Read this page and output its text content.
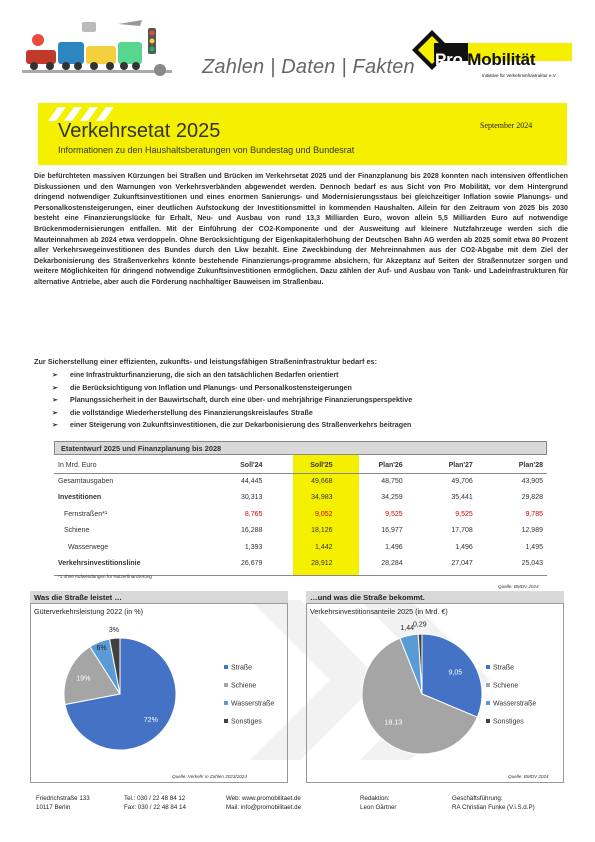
Zahlen | Daten | Fakten Pro Mobilität
Initiative für Verkehrsinfrastruktur e.V.
Verkehrsetat 2025	September 2024
Informationen zu den Haushaltsberatungen von Bundestag und Bundesrat

Die befürchteten massiven Kürzungen bei Straßen und Brücken im Verkehrsetat 2025 und der Finanzplanung bis 2028 konnten nach intensiven öffentlichen Diskussionen und den Warnungen von Verkehrsverbänden abgewendet werden. Dennoch bedarf es aus Sicht von Pro Mobilität, vor dem Hintergrund dringend notwendiger Zukunftsinvestitionen und eines enormen Sanierungs- und Modernisierungsstaus bei gleichzeitiger Inflation sowie Planungs- und Personalkostensteigerungen, einer deutlichen Aufstockung der Investitionsmittel in kommenden Haushalten. Allein für den Zeitraum von 2025 bis 2030 besteht eine Finanzierungslücke für Erhalt, Neu- und Ausbau von rund 13,3 Milliarden Euro, wovon allein 5,5 Milliarden Euro auf notwendige Brückenmodernisierungen entfallen. Mit der Einführung der CO2-Komponente und der Ausweitung auf kleinere Nutzfahrzeuge werden sich die Mauteinnahmen ab 2024 etwa verdoppeln. Ohne Berücksichtigung der Eigenkapitalerhöhung der Deutschen Bahn AG werden ab 2025 somit etwa 80 Prozent aller Verkehrswegeinvestitionen des Bundes durch den Lkw bezahlt. Eine Zweckbindung der Mehreinnahmen aus der CO2-Abgabe mit dem Ziel der Dekarbonisierung des Straßenverkehrs könnte bestehende Finanzierungs-programme absichern, für Akzeptanz auf Seiten der Straßennutzer sorgen und weitere Möglichkeiten für dringend notwendige Zukunftsinvestitionen ermöglichen. Dazu zählen der Auf- und Ausbau von Tank- und Ladeinfrastrukturen für alternative Antriebe, aber auch die Förderung nachhaltiger Bauweisen im Straßenbau.

Zur Sicherstellung einer effizienten, zukunfts- und leistungsfähigen Straßeninfrastruktur bedarf es:
➢ eine Infrastrukturfinanzierung, die sich an den tatsächlichen Bedarfen orientiert
➢ die Berücksichtigung von Inflation und Planungs- und Personalkostensteigerungen
➢ Planungssicherheit in der Bauwirtschaft, durch eine über- und mehrjährige Finanzierungsperspektive
➢ die vollständige Wiederherstellung des Finanzierungskreislaufes Straße
➢ einer Steigerung von Zukunftsinvestitionen, die zur Dekarbonisierung des Straßenverkehrs beitragen
Etatentwurf 2025 und Finanzplanung bis 2028
In Mrd. Euro	Soll'24	Soll'25	Plan'26	Plan'27	Plan'28
Gesamtausgaben	44,445	49,668	48,750	49,706	43,905
Investitionen	30,313	34,983	34,259	35,441	29,828
Fernstraßen*¹	8,765	9,052	9,525	9,525	9,785
Schiene	16,288	18,126	16,977	17,708	12,989
Wasserwege	1,393	1,442	1,496	1,496	1,495
Verkehrsinvestitionslinie	26,679	28,912	28,284	27,047	25,043
*1 ohne Aufwendungen für Nutzerfinanzierung
Quelle: BMDV 2024
Was die Straße leistet …
Güterverkehrsleistung 2022 (in %)
72%
19%
6%
3%
Straße
Schiene
Wasserstraße
Sonstiges
Quelle: Verkehr in Zahlen 2023/2024
…und was die Straße bekommt.
Verkehrsinvestitionsanteile 2025 (in Mrd. €)
9,05
18,13
1,44
0,29
Straße
Schiene
Wasserstraße
Sonstiges
Quelle: BMDV 2024
Friedrichstraße 133
10117 Berlin
Tel.: 030 / 22 48 84 12
Fax: 030 / 22 48 84 14
Web: www.promobilitaet.de
Mail: info@promobilitaet.de
Redaktion:
Leon Gärtner
Geschäftsführung:
RA Christian Funke (V.i.S.d.P)
